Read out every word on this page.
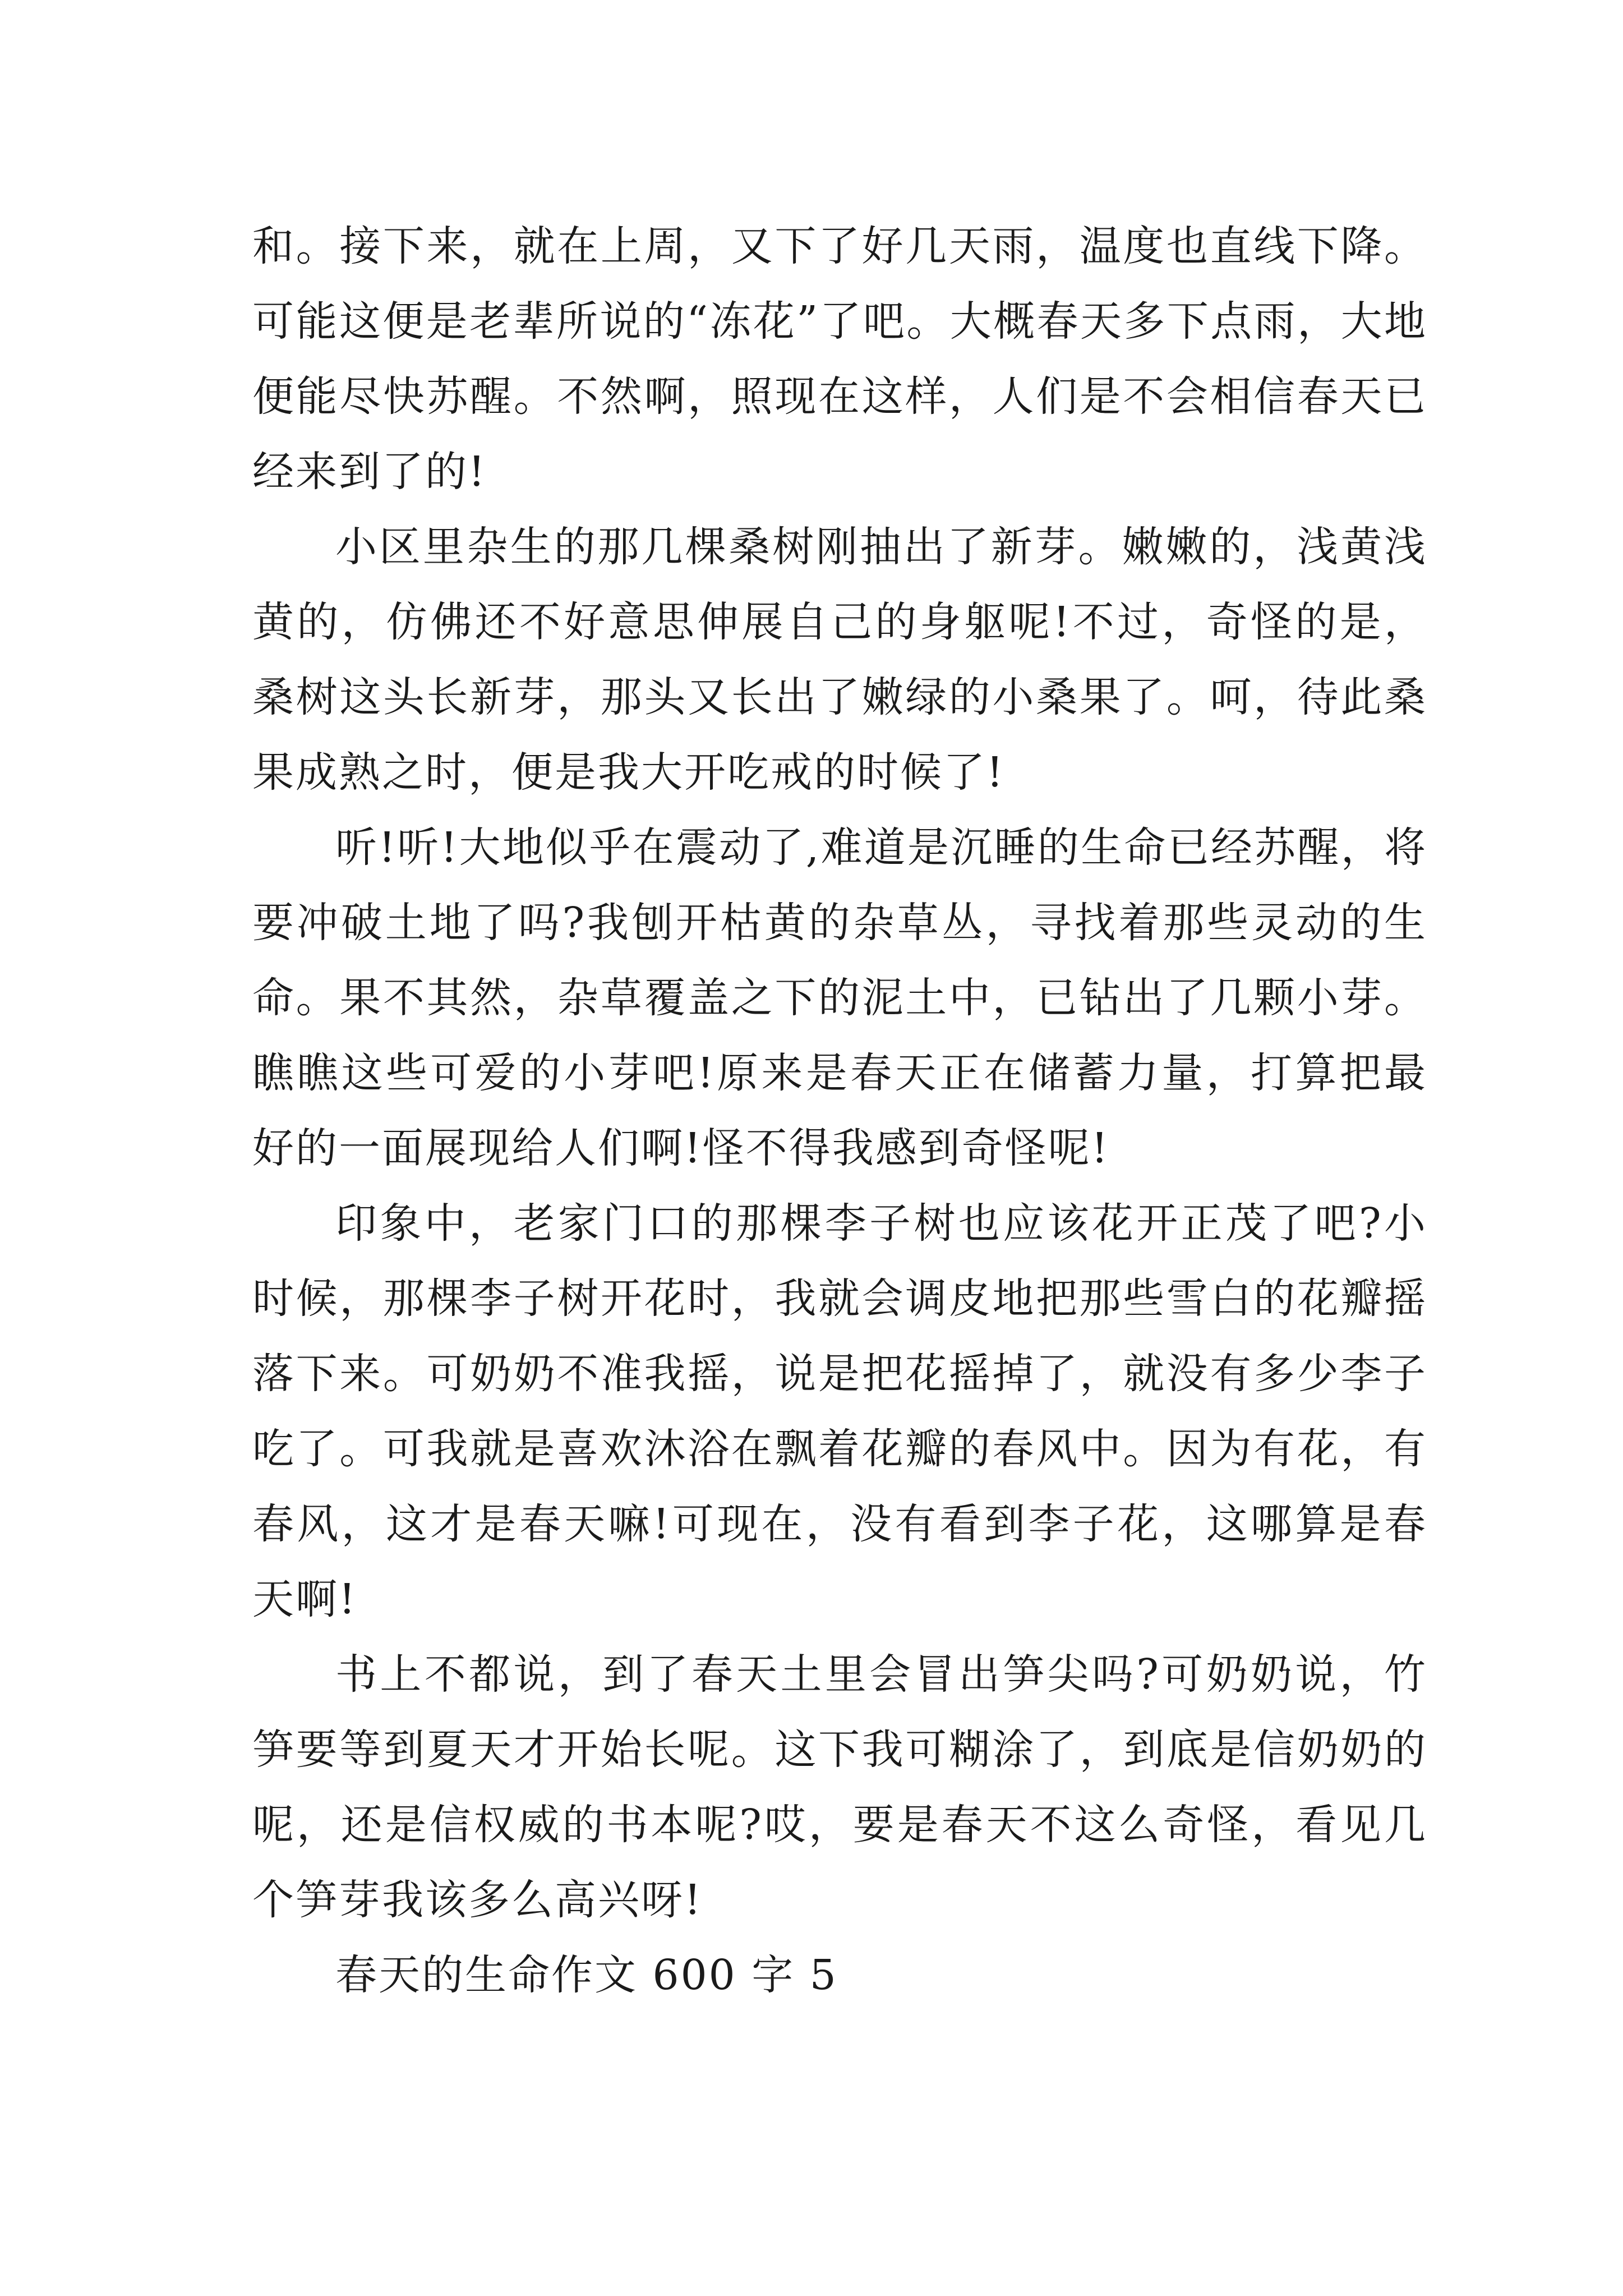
和。接下来，就在上周，又下了好几天雨，温度也直线下降。可能这便是老辈所说的“冻花”了吧。大概春天多下点雨，大地便能尽快苏醒。不然啊，照现在这样，人们是不会相信春天已经来到了的!

小区里杂生的那几棵桑树刚抽出了新芽。嫩嫩的，浅黄浅黄的，仿佛还不好意思伸展自己的身躯呢!不过，奇怪的是，桑树这头长新芽，那头又长出了嫩绿的小桑果了。呵，待此桑果成熟之时，便是我大开吃戒的时候了!

听!听!大地似乎在震动了,难道是沉睡的生命已经苏醒，将要冲破土地了吗?我刨开枯黄的杂草丛，寻找着那些灵动的生命。果不其然，杂草覆盖之下的泥土中，已钻出了几颗小芽。瞧瞧这些可爱的小芽吧!原来是春天正在储蓄力量，打算把最好的一面展现给人们啊!怪不得我感到奇怪呢!

印象中，老家门口的那棵李子树也应该花开正茂了吧?小时候，那棵李子树开花时，我就会调皮地把那些雪白的花瓣摇落下来。可奶奶不准我摇，说是把花摇掉了，就没有多少李子吃了。可我就是喜欢沐浴在飘着花瓣的春风中。因为有花，有春风，这才是春天嘛!可现在，没有看到李子花，这哪算是春天啊!

书上不都说，到了春天土里会冒出笋尖吗?可奶奶说，竹笋要等到夏天才开始长呢。这下我可糊涂了，到底是信奶奶的呢，还是信权威的书本呢?哎，要是春天不这么奇怪，看见几个笋芽我该多么高兴呀!

春天的生命作文 600 字 5
